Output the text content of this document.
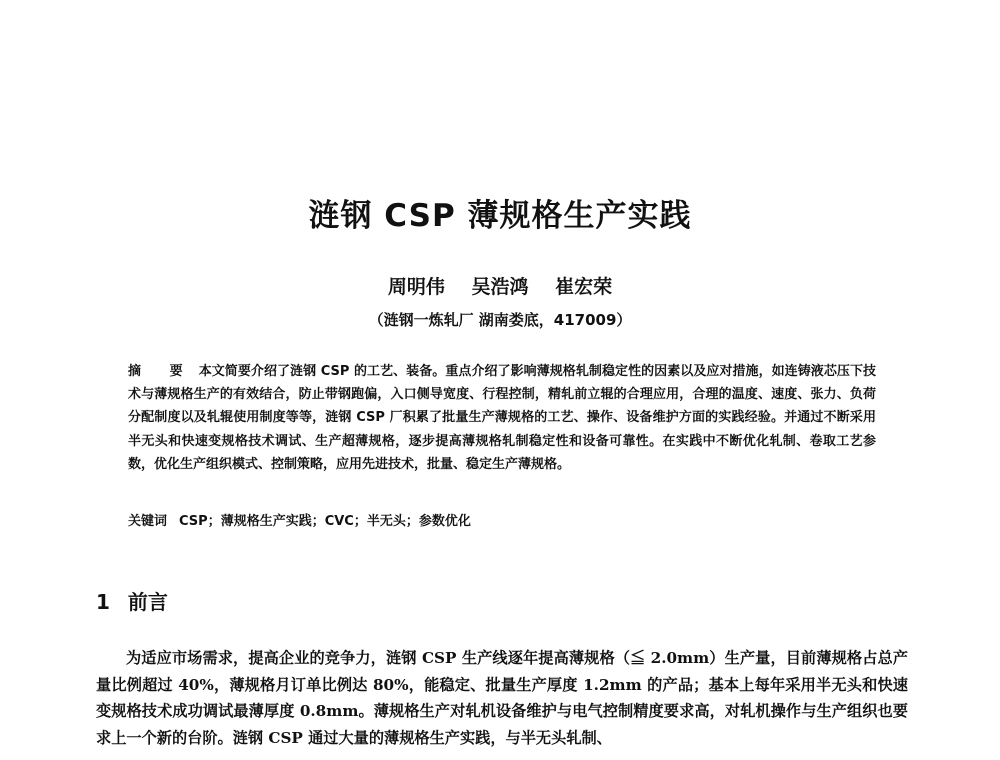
涟钢 CSP 薄规格生产实践
周明伟 吴浩鸿 崔宏荣
（涟钢一炼轧厂 湖南娄底，417009）

摘 要 本文简要介绍了涟钢 CSP 的工艺、装备。重点介绍了影响薄规格轧制稳定性的因素以及应对措施，如连铸液芯压下技术与薄规格生产的有效结合，防止带钢跑偏，入口侧导宽度、行程控制，精轧前立辊的合理应用，合理的温度、速度、张力、负荷分配制度以及轧辊使用制度等等，涟钢 CSP 厂积累了批量生产薄规格的工艺、操作、设备维护方面的实践经验。并通过不断采用半无头和快速变规格技术调试、生产超薄规格，逐步提高薄规格轧制稳定性和设备可靠性。在实践中不断优化轧制、卷取工艺参数，优化生产组织模式、控制策略，应用先进技术，批量、稳定生产薄规格。

关键词 CSP；薄规格生产实践；CVC；半无头；参数优化

1 前言

为适应市场需求，提高企业的竞争力，涟钢 CSP 生产线逐年提高薄规格（≦ 2.0mm）生产量，目前薄规格占总产量比例超过 40%，薄规格月订单比例达 80%，能稳定、批量生产厚度 1.2mm 的产品；基本上每年采用半无头和快速变规格技术成功调试最薄厚度 0.8mm。薄规格生产对轧机设备维护与电气控制精度要求高，对轧机操作与生产组织也要求上一个新的台阶。涟钢 CSP 通过大量的薄规格生产实践，与半无头轧制、
